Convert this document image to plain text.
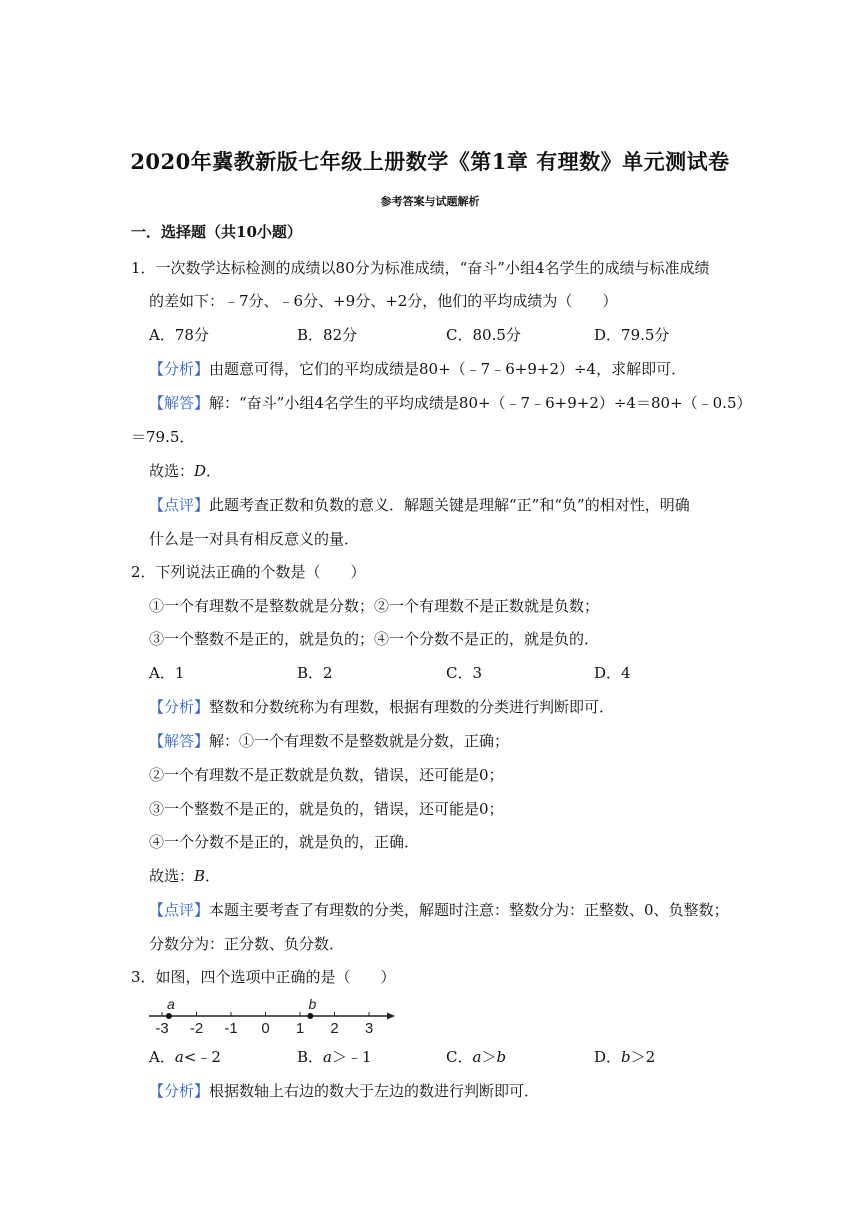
2020年冀教新版七年级上册数学《第1章 有理数》单元测试卷
参考答案与试题解析
一．选择题（共10小题）
1．一次数学达标检测的成绩以80分为标准成绩，“奋斗”小组4名学生的成绩与标准成绩
的差如下：﹣7分、﹣6分、+9分、+2分，他们的平均成绩为（　　）
A．78分	B．82分	C．80.5分	D．79.5分
【分析】由题意可得，它们的平均成绩是80+（﹣7﹣6+9+2）÷4，求解即可．
【解答】解：“奋斗”小组4名学生的平均成绩是80+（﹣7﹣6+9+2）÷4＝80+（﹣0.5）
＝79.5．
故选：D．
【点评】此题考查正数和负数的意义．解题关键是理解“正”和“负”的相对性，明确
什么是一对具有相反意义的量．
2．下列说法正确的个数是（　　）
①一个有理数不是整数就是分数；②一个有理数不是正数就是负数；
③一个整数不是正的，就是负的；④一个分数不是正的，就是负的．
A．1	B．2	C．3	D．4
【分析】整数和分数统称为有理数，根据有理数的分类进行判断即可．
【解答】解：①一个有理数不是整数就是分数，正确；
②一个有理数不是正数就是负数，错误，还可能是0；
③一个整数不是正的，就是负的，错误，还可能是0；
④一个分数不是正的，就是负的，正确．
故选：B．
【点评】本题主要考查了有理数的分类，解题时注意：整数分为：正整数、0、负整数；
分数分为：正分数、负分数．
3．如图，四个选项中正确的是（　　）
-3 -2 -1 0 1 2 3
a	b
A．a<﹣2	B．a＞﹣1	C．a＞b	D．b＞2
【分析】根据数轴上右边的数大于左边的数进行判断即可．
